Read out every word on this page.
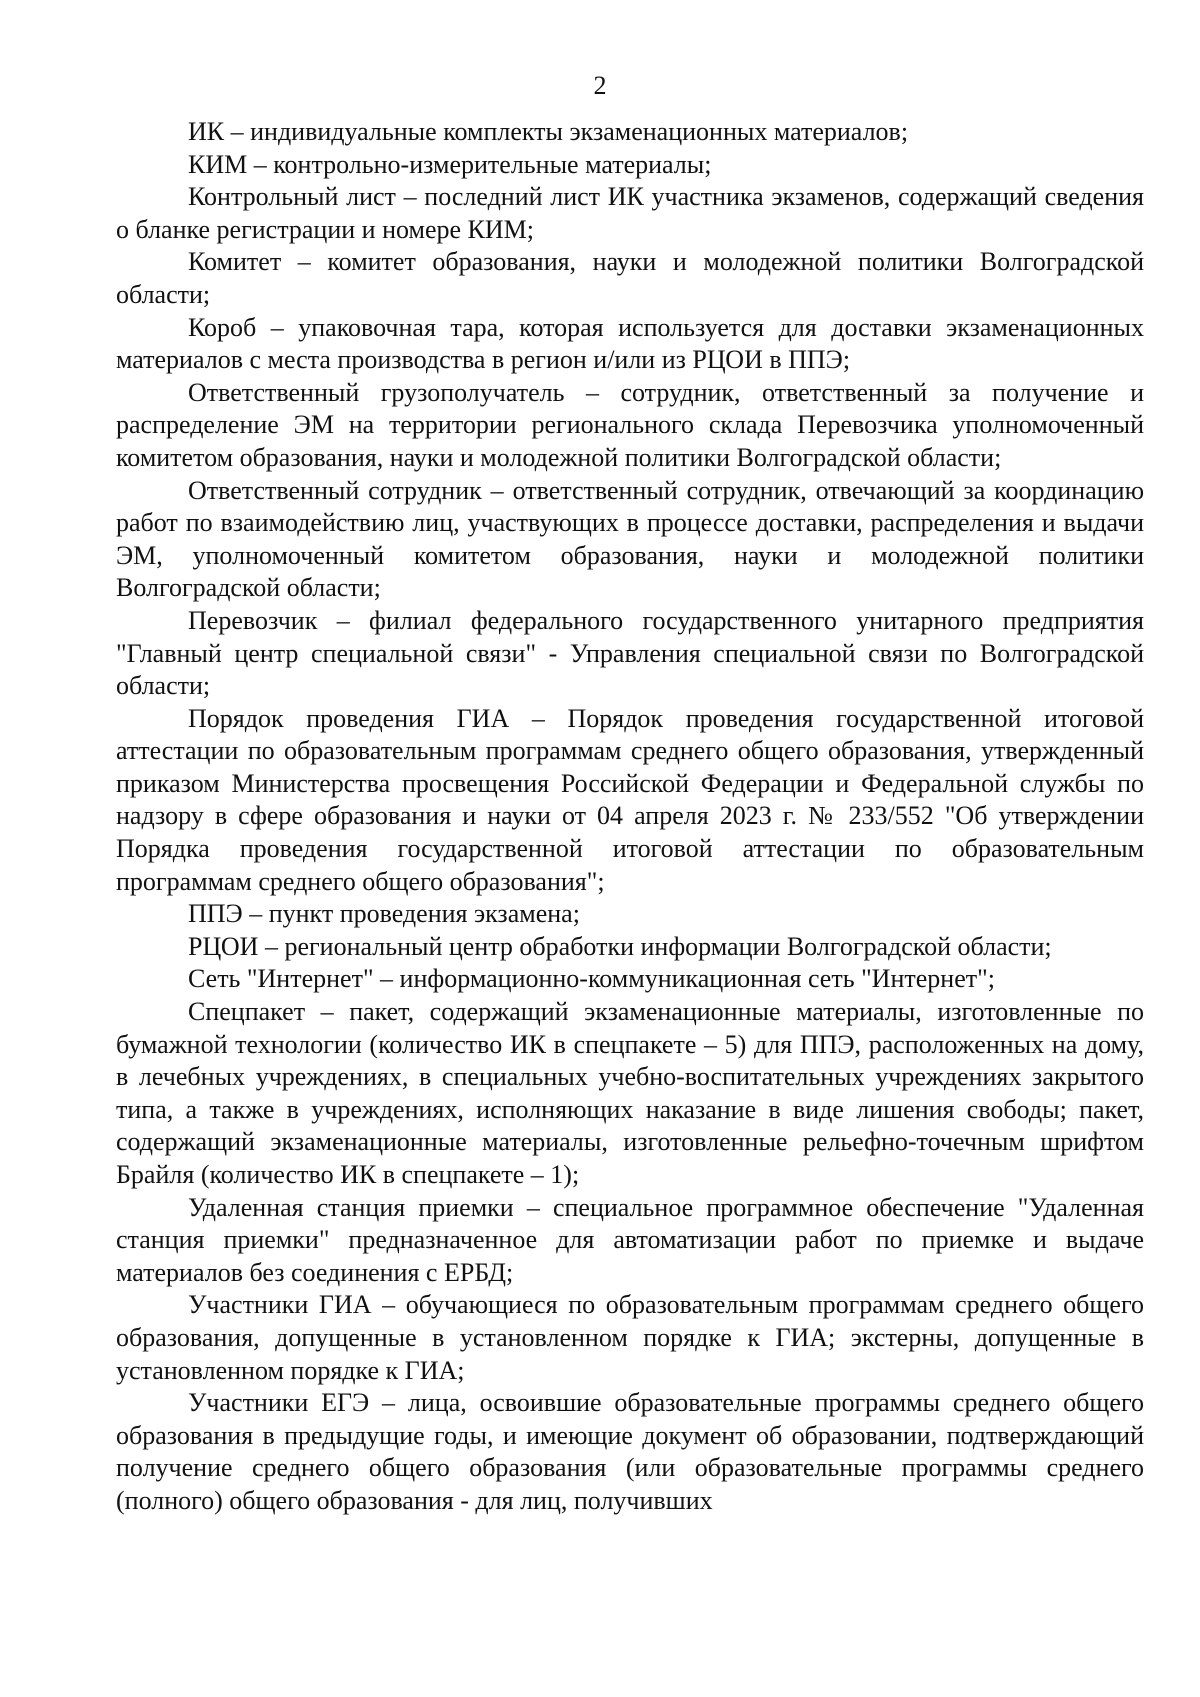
2

ИК – индивидуальные комплекты экзаменационных материалов;

КИМ – контрольно-измерительные материалы;

Контрольный лист – последний лист ИК участника экзаменов, содержащий сведения о бланке регистрации и номере КИМ;

Комитет – комитет образования, науки и молодежной политики Волгоградской области;

Короб – упаковочная тара, которая используется для доставки экзаменационных материалов с места производства в регион и/или из РЦОИ в ППЭ;

Ответственный грузополучатель – сотрудник, ответственный за получение и распределение ЭМ на территории регионального склада Перевозчика уполномоченный комитетом образования, науки и молодежной политики Волгоградской области;

Ответственный сотрудник – ответственный сотрудник, отвечающий за координацию работ по взаимодействию лиц, участвующих в процессе доставки, распределения и выдачи ЭМ, уполномоченный комитетом образования, науки и молодежной политики Волгоградской области;

Перевозчик – филиал федерального государственного унитарного предприятия "Главный центр специальной связи" - Управления специальной связи по Волгоградской области;

Порядок проведения ГИА – Порядок проведения государственной итоговой аттестации по образовательным программам среднего общего образования, утвержденный приказом Министерства просвещения Российской Федерации и Федеральной службы по надзору в сфере образования и науки от 04 апреля 2023 г. № 233/552 "Об утверждении Порядка проведения государственной итоговой аттестации по образовательным программам среднего общего образования";

ППЭ – пункт проведения экзамена;

РЦОИ – региональный центр обработки информации Волгоградской области;

Сеть "Интернет" – информационно-коммуникационная сеть "Интернет";

Спецпакет – пакет, содержащий экзаменационные материалы, изготовленные по бумажной технологии (количество ИК в спецпакете – 5) для ППЭ, расположенных на дому, в лечебных учреждениях, в специальных учебно-воспитательных учреждениях закрытого типа, а также в учреждениях, исполняющих наказание в виде лишения свободы; пакет, содержащий экзаменационные материалы, изготовленные рельефно-точечным шрифтом Брайля (количество ИК в спецпакете – 1);

Удаленная станция приемки – специальное программное обеспечение "Удаленная станция приемки" предназначенное для автоматизации работ по приемке и выдаче материалов без соединения с ЕРБД;

Участники ГИА – обучающиеся по образовательным программам среднего общего образования, допущенные в установленном порядке к ГИА; экстерны, допущенные в установленном порядке к ГИА;

Участники ЕГЭ – лица, освоившие образовательные программы среднего общего образования в предыдущие годы, и имеющие документ об образовании, подтверждающий получение среднего общего образования (или образовательные программы среднего (полного) общего образования - для лиц, получивших
